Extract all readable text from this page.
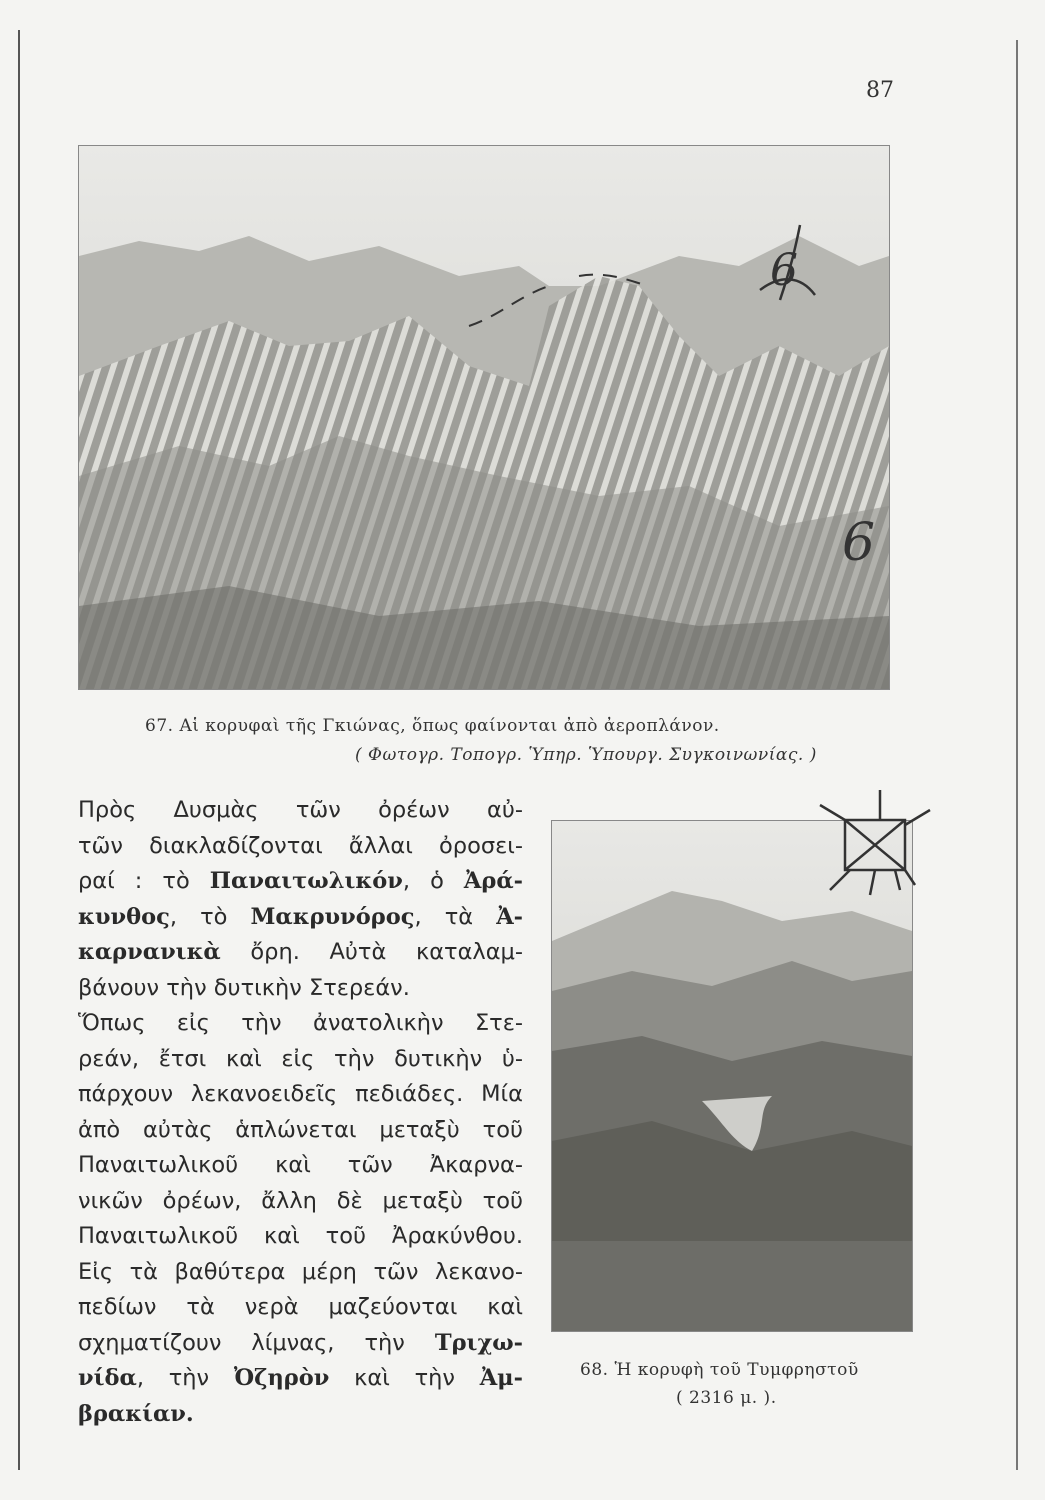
87
67. Αἱ κορυφαὶ τῆς Γκιώνας, ὅπως φαίνονται ἀπὸ ἀεροπλάνον.
( Φωτογρ. Τοπογρ. Ὑπηρ. Ὑπουργ. Συγκοινωνίας. )
68. Ἡ κορυφὴ τοῦ Τυμφρηστοῦ
( 2316 μ. ).
Πρὸς Δυσμὰς τῶν ὀρέων αὐ-
τῶν διακλαδίζονται ἄλλαι ὀροσει-
ραί : τὸ Παναιτωλικόν, ὁ Ἀρά-
κυνθος, τὸ Μακρυνόρος, τὰ Ἀ-
καρνανικὰ ὄρη. Αὐτὰ καταλαμ-
βάνουν τὴν δυτικὴν Στερεάν.
Ὅπως εἰς τὴν ἀνατολικὴν Στε-
ρεάν, ἔτσι καὶ εἰς τὴν δυτικὴν ὑ-
πάρχουν λεκανοειδεῖς πεδιάδες. Μία
ἀπὸ αὐτὰς ἁπλώνεται μεταξὺ τοῦ
Παναιτωλικοῦ καὶ τῶν Ἀκαρνα-
νικῶν ὀρέων, ἄλλη δὲ μεταξὺ τοῦ
Παναιτωλικοῦ καὶ τοῦ Ἀρακύνθου.
Εἰς τὰ βαθύτερα μέρη τῶν λεκανο-
πεδίων τὰ νερὰ μαζεύονται καὶ
σχηματίζουν λίμνας, τὴν Τριχω-
νίδα, τὴν Ὀζηρὸν καὶ τὴν Ἀμ-
βρακίαν.
6
6
